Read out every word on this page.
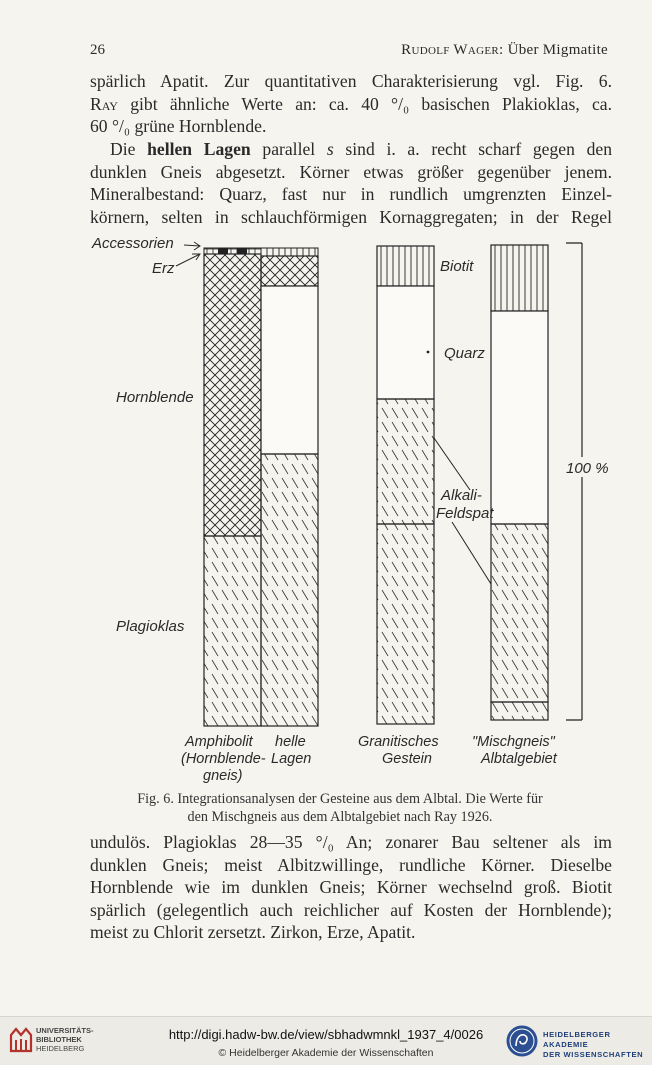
26	Rudolf Wager: Über Migmatite
spärlich Apatit. Zur quantitativen Charakterisierung vgl. Fig. 6.
Ray gibt ähnliche Werte an: ca. 40 °/₀ basischen Plakioklas, ca.
60 °/₀ grüne Hornblende.
Die hellen Lagen parallel s sind i. a. recht scharf gegen den
dunklen Gneis abgesetzt. Körner etwas größer gegenüber jenem.
Mineralbestand: Quarz, fast nur in rundlich umgrenzten Einzel-
körnern, selten in schlauchförmigen Kornaggregaten; in der Regel
Accessorien
Erz
Hornblende
Plagioklas
Biotit
Quarz
Alkali-
Feldspat
100 %
Amphibolit
(Hornblende-
gneis)
helle
Lagen
Granitisches
Gestein
"Mischgneis"
Albtalgebiet
Fig. 6. Integrationsanalysen der Gesteine aus dem Albtal. Die Werte für
den Mischgneis aus dem Albtalgebiet nach Ray 1926.
undulös. Plagioklas 28—35 °/₀ An; zonarer Bau seltener als im
dunklen Gneis; meist Albitzwillinge, rundliche Körner. Dieselbe
Hornblende wie im dunklen Gneis; Körner wechselnd groß. Biotit
spärlich (gelegentlich auch reichlicher auf Kosten der Hornblende);
meist zu Chlorit zersetzt. Zirkon, Erze, Apatit.
UNIVERSITÄTS-
BIBLIOTHEK
HEIDELBERG
http://digi.hadw-bw.de/view/sbhadwmnkl_1937_4/0026
© Heidelberger Akademie der Wissenschaften
HEIDELBERGER AKADEMIE
DER WISSENSCHAFTEN
